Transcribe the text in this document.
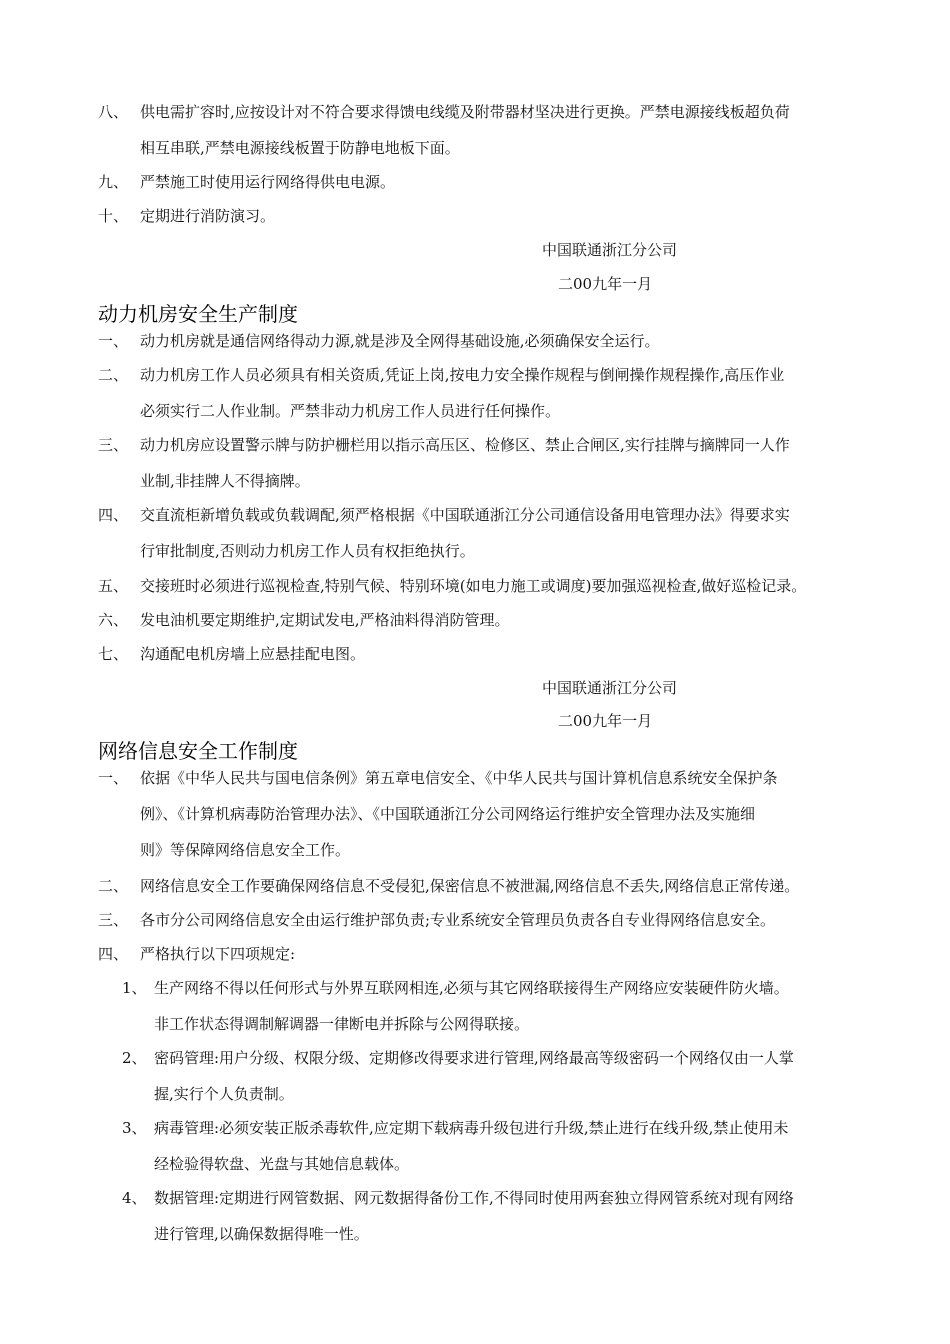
八、 供电需扩容时,应按设计对不符合要求得馈电线缆及附带器材坚决进行更换。严禁电源接线板超负荷
相互串联,严禁电源接线板置于防静电地板下面。
九、 严禁施工时使用运行网络得供电电源。
十、 定期进行消防演习。
中国联通浙江分公司
二00九年一月
动力机房安全生产制度
一、 动力机房就是通信网络得动力源,就是涉及全网得基础设施,必须确保安全运行。
二、 动力机房工作人员必须具有相关资质,凭证上岗,按电力安全操作规程与倒闸操作规程操作,高压作业
必须实行二人作业制。严禁非动力机房工作人员进行任何操作。
三、 动力机房应设置警示牌与防护栅栏用以指示高压区、检修区、禁止合闸区,实行挂牌与摘牌同一人作
业制,非挂牌人不得摘牌。
四、 交直流柜新增负载或负载调配,须严格根据《中国联通浙江分公司通信设备用电管理办法》得要求实
行审批制度,否则动力机房工作人员有权拒绝执行。
五、 交接班时必须进行巡视检查,特别气候、特别环境(如电力施工或调度)要加强巡视检查,做好巡检记录。
六、 发电油机要定期维护,定期试发电,严格油料得消防管理。
七、 沟通配电机房墙上应悬挂配电图。
中国联通浙江分公司
二00九年一月
网络信息安全工作制度
一、 依据《中华人民共与国电信条例》第五章电信安全、《中华人民共与国计算机信息系统安全保护条
例》、《计算机病毒防治管理办法》、《中国联通浙江分公司网络运行维护安全管理办法及实施细
则》等保障网络信息安全工作。
二、 网络信息安全工作要确保网络信息不受侵犯,保密信息不被泄漏,网络信息不丢失,网络信息正常传递。
三、 各市分公司网络信息安全由运行维护部负责;专业系统安全管理员负责各自专业得网络信息安全。
四、 严格执行以下四项规定:
1、 生产网络不得以任何形式与外界互联网相连,必须与其它网络联接得生产网络应安装硬件防火墙。
非工作状态得调制解调器一律断电并拆除与公网得联接。
2、 密码管理:用户分级、权限分级、定期修改得要求进行管理,网络最高等级密码一个网络仅由一人掌
握,实行个人负责制。
3、 病毒管理:必须安装正版杀毒软件,应定期下载病毒升级包进行升级,禁止进行在线升级,禁止使用未
经检验得软盘、光盘与其她信息载体。
4、 数据管理:定期进行网管数据、网元数据得备份工作,不得同时使用两套独立得网管系统对现有网络
进行管理,以确保数据得唯一性。
